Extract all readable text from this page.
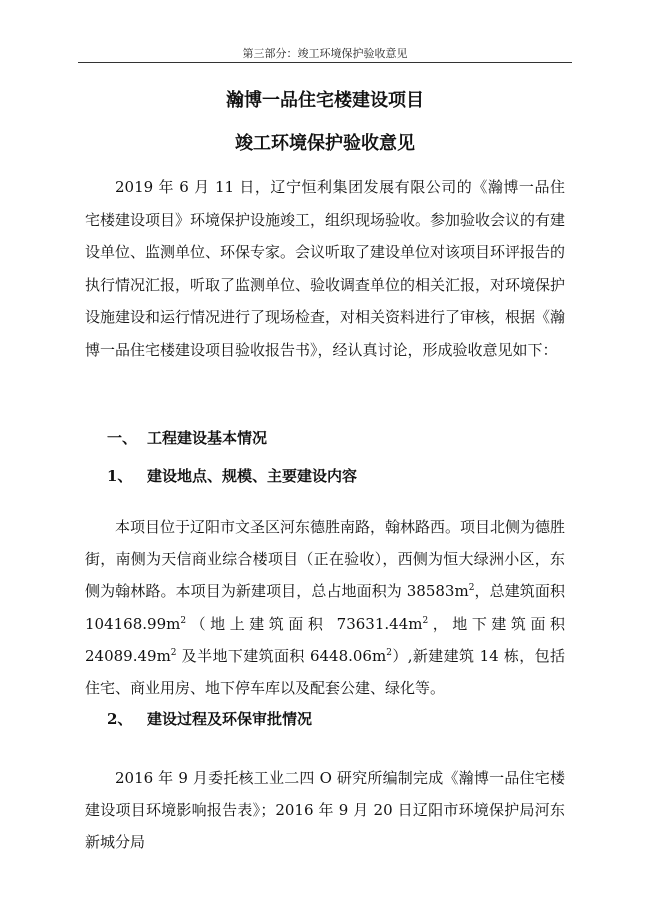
第三部分：竣工环境保护验收意见
瀚博一品住宅楼建设项目
竣工环境保护验收意见

2019 年 6 月 11 日，辽宁恒利集团发展有限公司的《瀚博一品住宅楼建设项目》环境保护设施竣工，组织现场验收。参加验收会议的有建设单位、监测单位、环保专家。会议听取了建设单位对该项目环评报告的执行情况汇报，听取了监测单位、验收调查单位的相关汇报，对环境保护设施建设和运行情况进行了现场检查，对相关资料进行了审核，根据《瀚博一品住宅楼建设项目验收报告书》，经认真讨论，形成验收意见如下：

一、 工程建设基本情况
1、 建设地点、规模、主要建设内容

本项目位于辽阳市文圣区河东德胜南路，翰林路西。项目北侧为德胜街，南侧为天信商业综合楼项目（正在验收），西侧为恒大绿洲小区，东侧为翰林路。本项目为新建项目，总占地面积为 $38583m^2$，总建筑面积 $104168.99m^2$（地上建筑面积 $73631.44m^2$，地下建筑面积 $24089.49m^2$ 及半地下建筑面积 $6448.06m^2$）,新建建筑 14 栋，包括住宅、商业用房、地下停车库以及配套公建、绿化等。

2、 建设过程及环保审批情况

2016 年 9 月委托核工业二四 O 研究所编制完成《瀚博一品住宅楼建设项目环境影响报告表》；2016 年 9 月 20 日辽阳市环境保护局河东新城分局
